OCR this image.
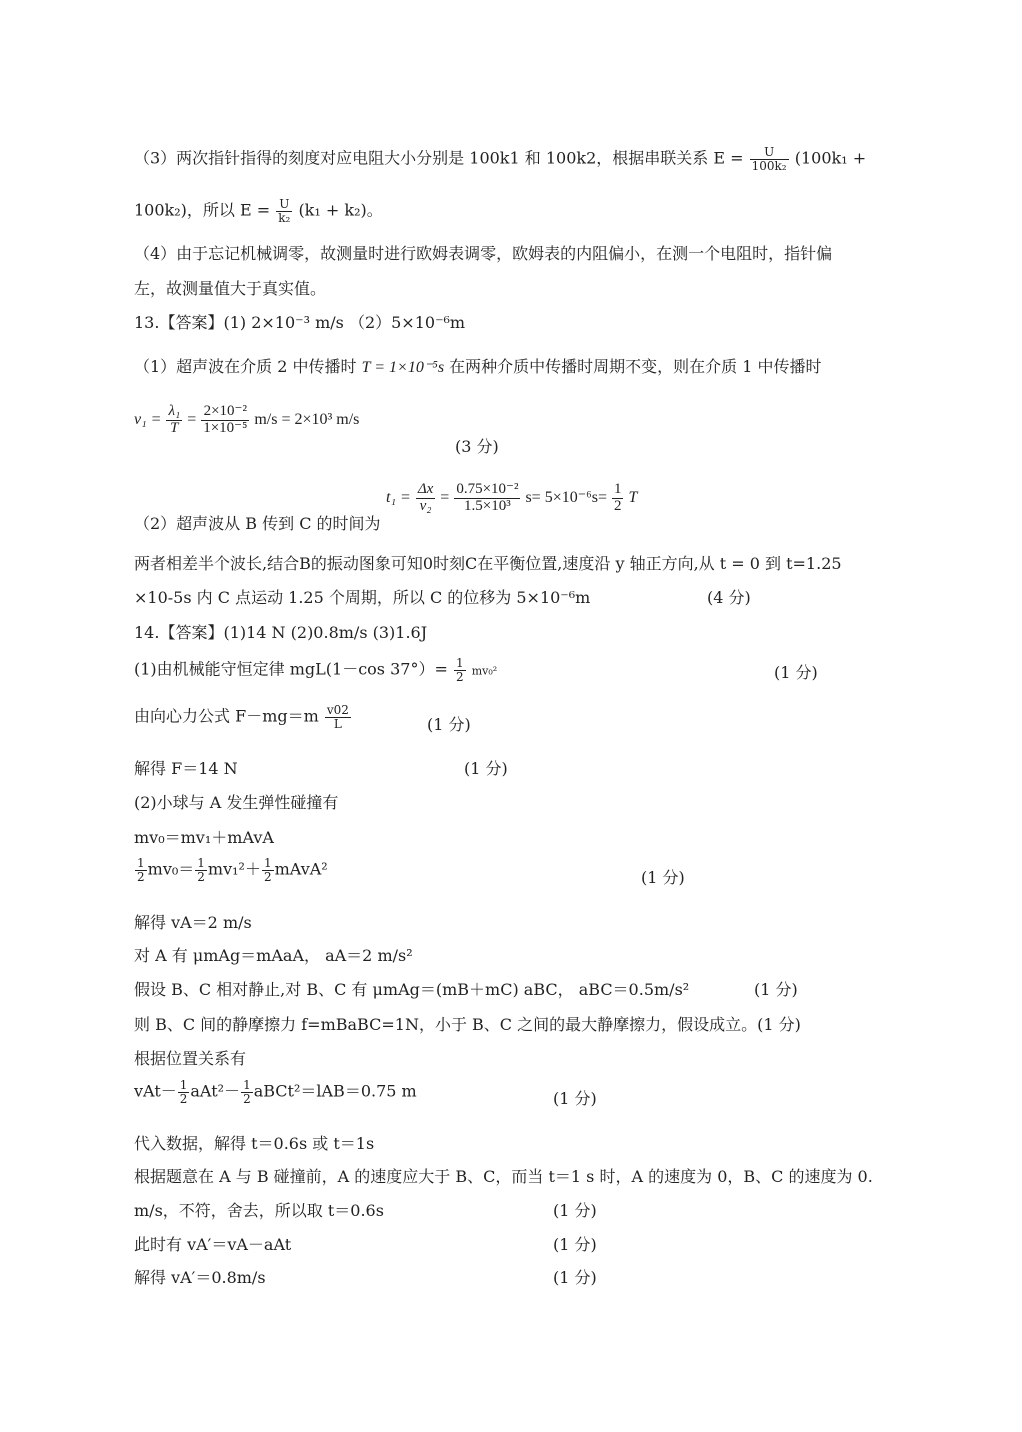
（3）两次指针指得的刻度对应电阻大小分别是 100k1 和 100k2，根据串联关系 $E = \frac{U}{\text{100k₂}} (100k_1$ +
100k₂)，所以 $E = \frac{U}{\text{k₂}} (k_1 + k_2)$。
（4）由于忘记机械调零，故测量时进行欧姆表调零，欧姆表的内阻偏小，在测一个电阻时，指针偏
左，故测量值大于真实值。
13.【答案】(1) 2×10⁻³ m/s （2）5×10⁻⁶m
（1）超声波在介质 2 中传播时 T = 1×10⁻⁵s 在两种介质中传播时周期不变，则在介质 1 中传播时
$v_1 = \frac{\text{λ₁}}{T} = \frac{\text{2×10⁻²}}{\text{1×10⁻⁵}} m/s = 2\times 10^3$ m/s
(3 分)
$t_1 = \frac{\Delta x}{\text{v₂}} = \frac{\text{0.75×10⁻²}}{\text{1.5×10³}} s= 5\times 10^{-6}s= \frac{1}{2}$ T
（2）超声波从 B 传到 C 的时间为
两者相差半个波长,结合B的振动图象可知0时刻C在平衡位置,速度沿 y 轴正方向,从 t = 0 到 t=1.25
×10-5s 内 C 点运动 1.25 个周期，所以 C 的位移为 5×10⁻⁶m	(4 分)
14.【答案】(1)14 N (2)0.8m/s (3)1.6J
(1)由机械能守恒定律 mgL(1－cos $37^\circ)= \frac{1}{2} mv_0^2$	(1 分)
由向心力公式 $F-mg=m \frac{v02}{L}$	(1 分)
解得 F＝14 N	(1 分)
(2)小球与 A 发生弹性碰撞有
mv₀＝mv₁＋mAvA
$\frac{1}{2} mv_0= \frac{1}{2} mv_1^2+ \frac{1}{2}$ mAvA²	(1 分)
解得 vA＝2 m/s
对 A 有 μmAg＝mAaA， aA＝2 m/s²
假设 B、C 相对静止,对 B、C 有 μmAg＝(mB＋mC) aBC， aBC＝0.5m/s²	(1 分)
则 B、C 间的静摩擦力 f=mBaBC=1N，小于 B、C 之间的最大静摩擦力，假设成立。(1 分)
根据位置关系有
$vAt- \frac{1}{2} aAt^2- \frac{1}{2}$ aBCt²＝lAB＝0.75 m	(1 分)
代入数据，解得 t＝0.6s 或 t＝1s
根据题意在 A 与 B 碰撞前，A 的速度应大于 B、C，而当 t＝1 s 时，A 的速度为 0，B、C 的速度为 0.
m/s，不符，舍去，所以取 t＝0.6s	(1 分)
此时有 vA′＝vA－aAt	(1 分)
解得 vA′＝0.8m/s	(1 分)
